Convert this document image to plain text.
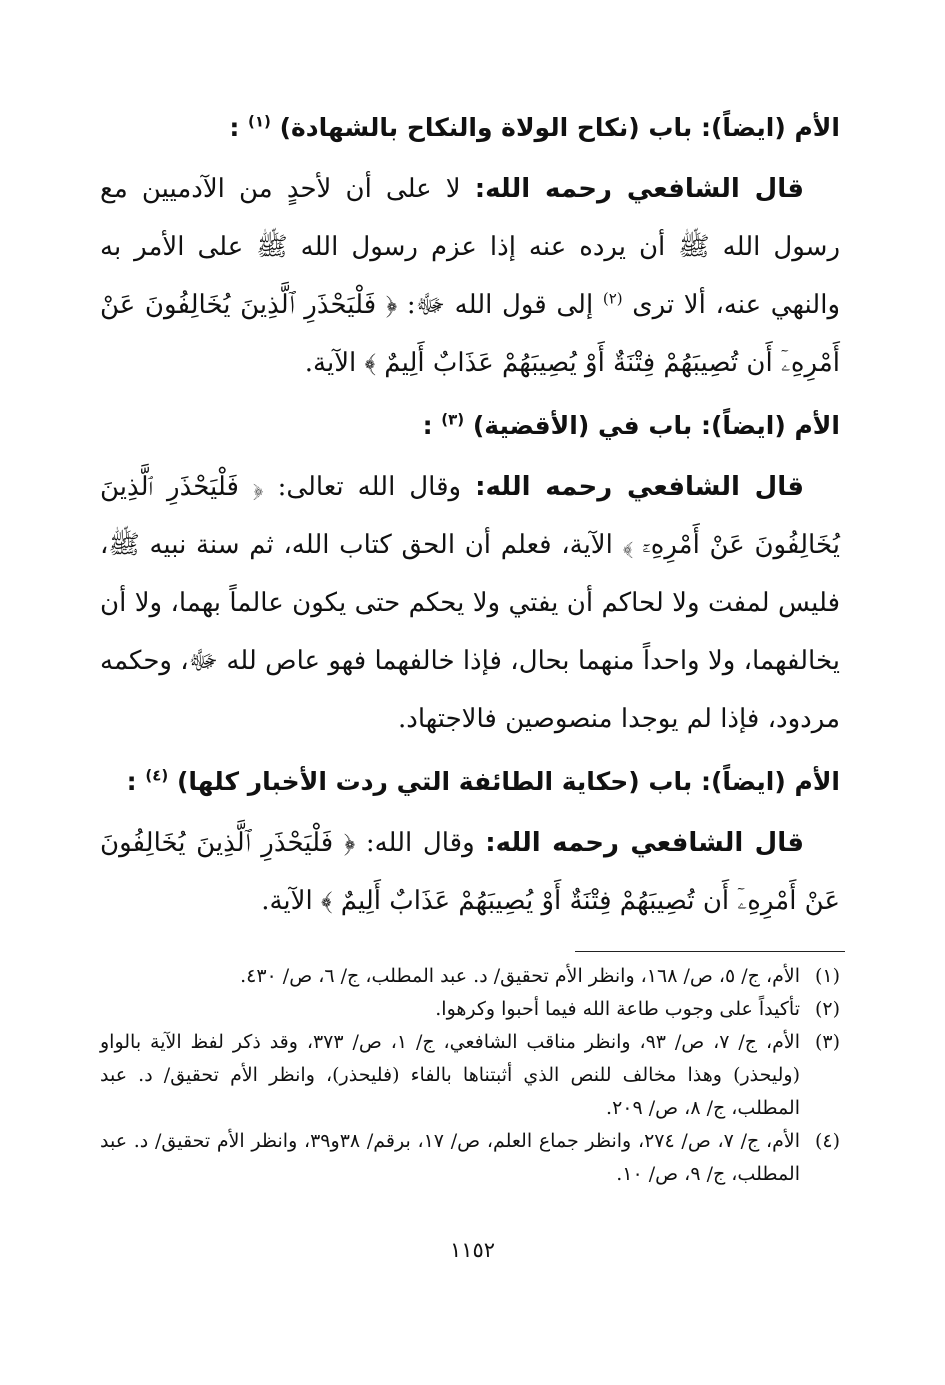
الأم (ايضاً): باب (نكاح الولاة والنكاح بالشهادة) $^{(١)}$ :

قال الشافعي رحمه الله: لا على أن لأحدٍ من الآدميين مع رسول الله ﷺ أن يرده عنه إذا عزم رسول الله ﷺ على الأمر به والنهي عنه، ألا ترى $^{(٢)}$ إلى قول الله ﷻ: ﴿ فَلْيَحْذَرِ ٱلَّذِينَ يُخَالِفُونَ عَنْ أَمْرِهِۦٓ أَن تُصِيبَهُمْ فِتْنَةٌ أَوْ يُصِيبَهُمْ عَذَابٌ أَلِيمٌ ﴾ الآية.

الأم (ايضاً): باب في (الأقضية) $^{(٣)}$ :

قال الشافعي رحمه الله: وقال الله تعالى: ﴿ فَلْيَحْذَرِ ٱلَّذِينَ يُخَالِفُونَ عَنْ أَمْرِهِۦٓ ﴾ الآية، فعلم أن الحق كتاب الله، ثم سنة نبيه ﷺ، فليس لمفت ولا لحاكم أن يفتي ولا يحكم حتى يكون عالماً بهما، ولا أن يخالفهما، ولا واحداً منهما بحال، فإذا خالفهما فهو عاص لله ﷻ، وحكمه مردود، فإذا لم يوجدا منصوصين فالاجتهاد.

الأم (ايضاً): باب (حكاية الطائفة التي ردت الأخبار كلها) $^{(٤)}$ :

قال الشافعي رحمه الله: وقال الله: ﴿ فَلْيَحْذَرِ ٱلَّذِينَ يُخَالِفُونَ عَنْ أَمْرِهِۦٓ أَن تُصِيبَهُمْ فِتْنَةٌ أَوْ يُصِيبَهُمْ عَذَابٌ أَلِيمٌ ﴾ الآية.

(١)
الأم، ج/ ٥، ص/ ١٦٨، وانظر الأم تحقيق/ د. عبد المطلب، ج/ ٦، ص/ ٤٣٠.
(٢)
تأكيداً على وجوب طاعة الله فيما أحبوا وكرهوا.
(٣)
الأم، ج/ ٧، ص/ ٩٣، وانظر مناقب الشافعي، ج/ ١، ص/ ٣٧٣، وقد ذكر لفظ الآية بالواو (وليحذر) وهذا مخالف للنص الذي أثبتناها بالفاء (فليحذر)، وانظر الأم تحقيق/ د. عبد المطلب، ج/ ٨، ص/ ٢٠٩.
(٤)
الأم، ج/ ٧، ص/ ٢٧٤، وانظر جماع العلم، ص/ ١٧، برقم/ ٣٨و٣٩، وانظر الأم تحقيق/ د. عبد المطلب، ج/ ٩، ص/ ١٠.
١١٥٢
